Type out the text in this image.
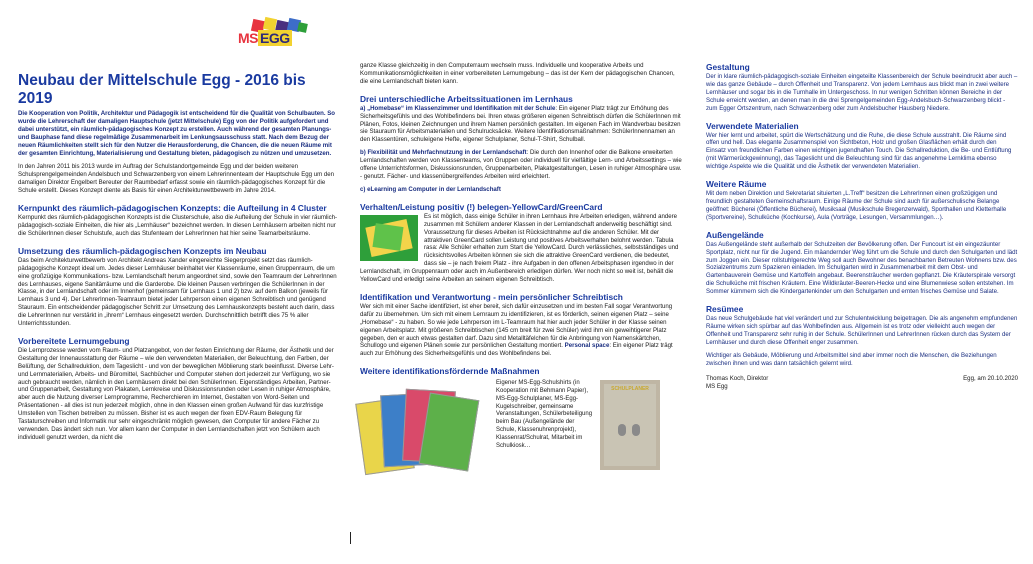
MS EGG
Neubau der Mittelschule Egg - 2016 bis 2019

Die Kooperation von Politik, Architektur und Pädagogik ist entscheidend für die Qualität von Schulbauten. So wurde die Lehrerschaft der damaligen Hauptschule (jetzt Mittelschule) Egg von der Politik aufgefordert und dabei unterstützt, ein räumlich-pädagogisches Konzept zu erstellen. Auch während der gesamten Planungs- und Bauphase fand diese regelmäßige Zusammenarbeit im Lenkungsausschuss statt. Nach dem Bezug der neuen Räumlichkeiten stellt sich für den Nutzer die Herausforderung, die Chancen, die die neuen Räume mit der gesamten Einrichtung, Materialisierung und Gestaltung bieten, pädagogisch zu nützen und umzusetzen.

In den Jahren 2011 bis 2013 wurde im Auftrag der Schulstandortgemeinde Egg und der beiden weiteren Schulsprengelgemeinden Andelsbuch und Schwarzenberg von einem Lehrerinnenteam der Hauptschule Egg um den damaligen Direktor Engelbert Bereuter der Raumbedarf erfasst sowie ein räumlich-pädagogisches Konzept für die Schule erstellt. Dieses Konzept diente als Basis für einen Architekturwettbewerb im Jahre 2014.

Kernpunkt des räumlich-pädagogischen Konzepts: die Aufteilung in 4 Cluster

Kernpunkt des räumlich-pädagogischen Konzepts ist die Clusterschule, also die Aufteilung der Schule in vier räumlich-pädagogisch-soziale Einheiten, die hier als „Lernhäuser“ bezeichnet werden. In diesen Lernhäusern arbeiten nicht nur die SchülerInnen dieser Schulstufe, auch das Stufenteam der LehrerInnen hat hier seine Teamarbeitsräume.

Umsetzung des räumlich-pädagogischen Konzepts im Neubau

Das beim Architekturwettbewerb von Architekt Andreas Xander eingereichte Siegerprojekt setzt das räumlich-pädagogische Konzept ideal um. Jedes dieser Lernhäuser beinhaltet vier Klassenräume, einen Gruppenraum, die um eine großzügige Kommunikations- bzw. Lernlandschaft herum angeordnet sind, sowie den Teamraum der LehrerInnen des Lernhauses, eigene Sanitärräume und die Garderobe. Die kleinen Pausen verbringen die SchülerInnen in der Klasse, in der Lernlandschaft oder im Innenhof (gemeinsam für Lernhaus 1 und 2) bzw. auf dem Balkon (jeweils für Lernhaus 3 und 4). Der LehrerInnen-Teamraum bietet jeder Lehrperson einen eigenen Schreibtisch und genügend Stauraum. Ein entscheidender pädagogischer Schritt zur Umsetzung des Lernhauskonzepts besteht auch darin, dass die LehrerInnen nur verstärkt in „ihrem“ Lernhaus eingesetzt werden. Durchschnittlich betrifft dies 75 % aller Unterrichtsstunden.

Vorbereitete Lernumgebung

Die Lernprozesse werden vom Raum- und Platzangebot, von der festen Einrichtung der Räume, der Ästhetik und der Gestaltung der Innenausstattung der Räume – wie den verwendeten Materialien, der Beleuchtung, den Farben, der Belüftung, der Schallreduktion, dem Tageslicht - und von der beweglichen Möblierung stark beeinflusst. Diverse Lehr- und Lernmaterialien, Arbeits- und Büromittel, Sachbücher und Computer stehen dort jederzeit zur Verfügung, wo sie auch gebraucht werden, nämlich in den Lernhäusern direkt bei den SchülerInnen. Eigenständiges Arbeiten, Partner- und Gruppenarbeit, Gestaltung von Plakaten, Lernkreise und Diskussionsrunden oder Lesen in ruhiger Atmosphäre, aber auch die Nutzung diverser Lernprogramme, Recherchieren im Internet, Gestalten von Word-Seiten und Präsentationen - all dies ist nun jederzeit möglich, ohne in den Klassen einen großen Aufwand für das kurzfristige Umstellen von Tischen betreiben zu müssen. Bisher ist es auch wegen der fixen EDV-Raum Belegung für Tastaturschreiben und Informatik nur sehr eingeschränkt möglich gewesen, den Computer für andere Fächer zu verwenden. Das ändert sich nun. Vor allem kann der Computer in den Lernlandschaften jetzt von Schülern auch individuell genutzt werden, da nicht die

ganze Klasse gleichzeitig in den Computerraum wechseln muss. Individuelle und kooperative Arbeits und Kommunikationsmöglichkeiten in einer vorbereiteten Lernumgebung – das ist der Kern der pädagogischen Chancen, die eine Lernlandschaft bieten kann.

Drei unterschiedliche Arbeitssituationen im Lernhaus

a) „Homebase“ im Klassenzimmer und Identifikation mit der Schule: Ein eigener Platz trägt zur Erhöhung des Sicherheitsgefühls und des Wohlbefindens bei. Ihren etwas größeren eigenen Schreibtisch dürfen die SchülerInnen mit Plänen, Fotos, kleinen Zeichnungen und ihrem Namen persönlich gestalten. Im eigenen Fach im Wandverbau besitzen sie Stauraum für Arbeitsmaterialien und Schulrucksäcke. Weitere Identifikationsmaßnahmen: SchülerInnennamen an den Klassentüren, schuleigene Hefte, eigener Schulplaner, Schul-T-Shirt, Schulball.

b) Flexibilität und Mehrfachnutzung in der Lernlandschaft: Die durch den Innenhof oder die Balkone erweiterten Lernlandschaften werden von Klassenteams, von Gruppen oder individuell für vielfältige Lern- und Arbeitssettings – wie offene Unterrichtsformen, Diskussionsrunden, Gruppenarbeiten, Plakatgestaltungen, Lesen in ruhiger Atmosphäre usw. - genutzt. Fächer- und klassenübergreifendes Arbeiten wird erleichtert.

c) eLearning am Computer in der Lernlandschaft

Verhalten/Leistung positiv (!) belegen-YellowCard/GreenCard

Es ist möglich, dass einige Schüler in ihren Lernhaus ihre Arbeiten erledigen, während andere zusammen mit Schülern anderer Klassen in der Lernlandschaft anderweitig beschäftigt sind. Voraussetzung für dieses Arbeiten ist Rücksichtnahme auf die anderen Schüler. Mit der attraktiven GreenCard sollen Leistung und positives Arbeitsverhalten belohnt werden. Tabula rasa: Alle Schüler erhalten zum Start die YellowCard. Durch verlässliches, selbstständiges und rücksichtsvolles Arbeiten können sie sich die attraktive GreenCard verdienen, die bedeutet, dass sie – je nach freiem Platz - ihre Aufgaben in den offenen Arbeitsphasen irgendwo in der Lernlandschaft, im Gruppenraum oder auch im Außenbereich erledigen dürfen. Wer noch nicht so weit ist, behält die YellowCard und erledigt seine Arbeiten an seinem eigenen Schreibtisch.

Identifikation und Verantwortung - mein persönlicher Schreibtisch

Wer sich mit einer Sache identifiziert, ist eher bereit, sich dafür einzusetzen und im besten Fall sogar Verantwortung dafür zu übernehmen. Um sich mit einem Lernraum zu identifizieren, ist es förderlich, seinen eigenen Platz – seine „Homebase“ - zu haben. So wie jede Lehrperson im L-Teamraum hat hier auch jeder Schüler in der Klasse seinen eigenen Arbeitsplatz. Mit größeren Schreibtischen (145 cm breit für zwei Schüler) wird ihm ein geweihtigerer Platz gegeben, den er auch etwas gestalten darf. Dazu sind Metalltäfelchen für die Anbringung von Namenskärtchen, Schullogo und eigenen Plänen sowie zur persönlichen Gestaltung montiert. Personal space: Ein eigener Platz trägt auch zur Erhöhung des Sicherheitsgefühls und des Wohlbefindens bei.

Weitere identifikationsfördernde Maßnahmen
Eigener MS-Egg-Schulshirts (in Kooperation mit Behmann Papier), MS-Egg-Schulplaner, MS-Egg-Kugelschreiber, gemeinsame Veranstaltungen, Schülerbeteiligung beim Bau (Außengelände der Schule, Klassenuhrenprojekt), Klassenrat/Schulrat, Mitarbeit im Schulkiosk…
SCHULPLANER
Gestaltung

Der in klare räumlich-pädagogisch-soziale Einheiten eingeteilte Klassenbereich der Schule beeindruckt aber auch – wie das ganze Gebäude – durch Offenheit und Transparenz. Von jedem Lernhaus aus blickt man in zwei weitere Lernhäuser und sogar bis in die Turnhalle im Untergeschoss. In nur wenigen Schritten können Bereiche in der Schule erreicht werden, an denen man in die drei Sprengelgemeinden Egg-Andelsbuch-Schwarzenberg blickt - zum Egger Ortszentrum, nach Schwarzenberg oder zum Andelsbucher Hausberg Niedere.

Verwendete Materialien

Wer hier lernt und arbeitet, spürt die Wertschätzung und die Ruhe, die diese Schule ausstrahlt. Die Räume sind offen und hell. Das elegante Zusammenspiel von Sichtbeton, Holz und großen Glasflächen erhält durch den Einsatz von freundlichen Farben einen wichtigen jugendhaften Touch. Die Schallreduktion, die Be- und Entlüftung (mit Wärmerückgewinnung), das Tageslicht und die Beleuchtung sind für das angenehme Lernklima ebenso wichtige Aspekte wie die Qualität und die Ästhetik der verwendeten Materialien.

Weitere Räume

Mit dem neben Direktion und Sekretariat situierten „L.Treff“ besitzen die LehrerInnen einen großzügigen und freundlich gestalteten Gemeinschaftsraum. Einige Räume der Schule sind auch für außerschulische Belange geöffnet: Bücherei (Öffentliche Bücherei), Musiksaal (Musikschule Bregenzerwald), Sporthallen und Kletterhalle (Sportvereine), Schulküche (Kochkurse), Aula (Vorträge, Lesungen, Versammlungen…).

Außengelände

Das Außengelände steht außerhalb der Schulzeiten der Bevölkerung offen. Der Funcourt ist ein eingezäunter Sportplatz, nicht nur für die Jugend. Ein mäandernder Weg führt um die Schule und durch den Schulgarten und lädt zum Joggen ein. Dieser rollstuhlgerechte Weg soll auch Bewohner des benachbarten Betreuten Wohnens bzw. des Sozialzentrums zum Spazieren einladen. Im Schulgarten wird in Zusammenarbeit mit dem Obst- und Gartenbauverein Gemüse und Kartoffeln angebaut. Beerensträucher werden gepflanzt. Die Kräuterspirale versorgt die Schulküche mit frischen Kräutern. Eine Wildkräuter-Beeren-Hecke und eine Blumenwiese sollen entstehen. Im Sommer kümmern sich die Kindergartenkinder um den Schulgarten und ernten frisches Gemüse und Salate.

Resümee

Das neue Schulgebäude hat viel verändert und zur Schulentwicklung beigetragen. Die als angenehm empfundenen Räume wirken sich spürbar auf das Wohlbefinden aus. Allgemein ist es trotz oder vielleicht auch wegen der Offenheit und Transparenz sehr ruhig in der Schule. SchülerInnen und LehrerInnen rücken durch das System der Lernhäuser und durch diese Offenheit enger zusammen.

Wichtiger als Gebäude, Möblierung und Arbeitsmittel sind aber immer noch die Menschen, die Beziehungen zwischen ihnen und was dann tatsächlich gelernt wird.

Thomas Koch, Direktor
MS Egg
Egg, am 20.10.2020
